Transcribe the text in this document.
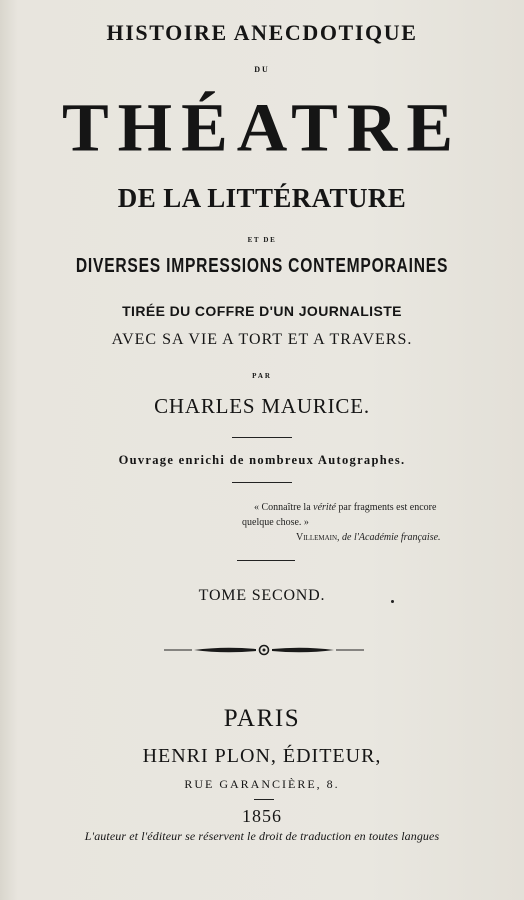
HISTOIRE ANECDOTIQUE
DU
THÉATRE
DE LA LITTÉRATURE
ET DE
DIVERSES IMPRESSIONS CONTEMPORAINES
TIRÉE DU COFFRE D'UN JOURNALISTE
AVEC SA VIE A TORT ET A TRAVERS.
PAR
CHARLES MAURICE.
Ouvrage enrichi de nombreux Autographes.
« Connaître la vérité par fragments est encore
quelque chose. »
Villemain, de l'Académie française.
TOME SECOND.
PARIS
HENRI PLON, ÉDITEUR,
RUE GARANCIÈRE, 8.
1856
L'auteur et l'éditeur se réservent le droit de traduction en toutes langues
